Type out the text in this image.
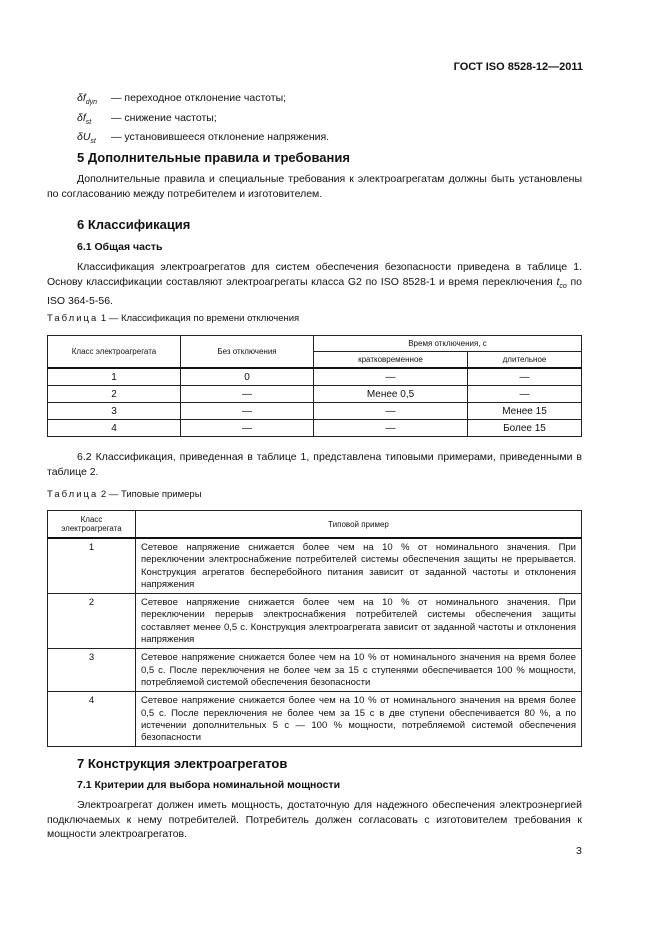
ГОСТ ISO 8528-12—2011
$\delta f_{dyn}$	— переходное отклонение частоты;
$\delta f_{st}$	— снижение частоты;
$\delta U_{st}$	— установившееся отклонение напряжения.
5 Дополнительные правила и требования
Дополнительные правила и специальные требования к электроагрегатам должны быть установлены по согласованию между потребителем и изготовителем.
6 Классификация
6.1 Общая часть
Классификация электроагрегатов для систем обеспечения безопасности приведена в таблице 1. Основу классификации составляют электроагрегаты класса G2 по ISO 8528-1 и время переключения $t_{co}$ по ISO 364-5-56.
Таблица 1 — Классификация по времени отключения
Класс электроагрегата	Без отключения	Время отключения, с	
		кратковременное	длительное
1	0	—	—
2	—	Менее 0,5	—
3	—	—	Менее 15
4	—	—	Более 15
6.2 Классификация, приведенная в таблице 1, представлена типовыми примерами, приведенными в таблице 2.
Таблица 2 — Типовые примеры
Класс электроагрегата	Типовой пример
1	Сетевое напряжение снижается более чем на 10 % от номинального значения. При переключении электроснабжение потребителей системы обеспечения защиты не прерывается. Конструкция агрегатов бесперебойного питания зависит от заданной частоты и отклонения напряжения
2	Сетевое напряжение снижается более чем на 10 % от номинального значения. При переключении перерыв электроснабжения потребителей системы обеспечения защиты составляет менее 0,5 с. Конструкция электроагрегата зависит от заданной частоты и отклонения напряжения
3	Сетевое напряжение снижается более чем на 10 % от номинального значения на время более 0,5 с. После переключения не более чем за 15 с ступенями обеспечивается 100 % мощности, потребляемой системой обеспечения безопасности
4	Сетевое напряжение снижается более чем на 10 % от номинального значения на время более 0,5 с. После переключения не более чем за 15 с в две ступени обеспечивается 80 %, а по истечении дополнительных 5 с — 100 % мощности, потребляемой системой обеспечения безопасности
7 Конструкция электроагрегатов
7.1 Критерии для выбора номинальной мощности
Электроагрегат должен иметь мощность, достаточную для надежного обеспечения электроэнергией подключаемых к нему потребителей. Потребитель должен согласовать с изготовителем требования к мощности электроагрегатов.
3
